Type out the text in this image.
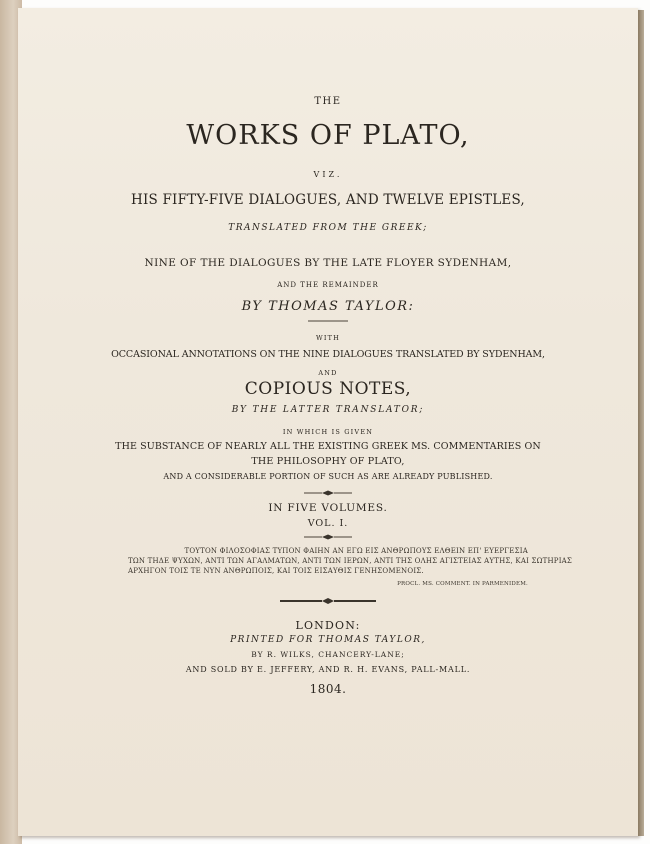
THE

WORKS OF PLATO,

VIZ.

HIS FIFTY-FIVE DIALOGUES, AND TWELVE EPISTLES,

TRANSLATED FROM THE GREEK;

NINE OF THE DIALOGUES BY THE LATE FLOYER SYDENHAM,

AND THE REMAINDER

BY THOMAS TAYLOR:

WITH

OCCASIONAL ANNOTATIONS ON THE NINE DIALOGUES TRANSLATED BY SYDENHAM,

AND

COPIOUS NOTES,

BY THE LATTER TRANSLATOR;

IN WHICH IS GIVEN

THE SUBSTANCE OF NEARLY ALL THE EXISTING GREEK MS. COMMENTARIES ON

THE PHILOSOPHY OF PLATO,

AND A CONSIDERABLE PORTION OF SUCH AS ARE ALREADY PUBLISHED.

IN FIVE VOLUMES.

VOL. I.

ΤΟΥΤΟΝ ΦΙΛΟΣΟΦΙΑΣ ΤΥΠΟΝ ΦΑΙΗΝ ΑΝ ΕΓΩ ΕΙΣ ΑΝΘΡΩΠΟΥΣ ΕΛΘΕΙΝ ΕΠ' ΕΥΕΡΓΕΣΙΑ
ΤΩΝ ΤΗΔΕ ΨΥΧΩΝ, ΑΝΤΙ ΤΩΝ ΑΓΑΛΜΑΤΩΝ, ΑΝΤΙ ΤΩΝ ΙΕΡΩΝ, ΑΝΤΙ ΤΗΣ ΟΛΗΣ ΑΓΙΣΤΕΙΑΣ ΑΥΤΗΣ, ΚΑΙ ΣΩΤΗΡΙΑΣ
ΑΡΧΗΓΟΝ ΤΟΙΣ ΤΕ ΝΥΝ ΑΝΘΡΩΠΟΙΣ, ΚΑΙ ΤΟΙΣ ΕΙΣΑΥΘΙΣ ΓΕΝΗΣΟΜΕΝΟΙΣ.
PROCL. MS. COMMENT. IN PARMENIDEM.

LONDON:

PRINTED FOR THOMAS TAYLOR,

BY R. WILKS, CHANCERY-LANE;

AND SOLD BY E. JEFFERY, AND R. H. EVANS, PALL-MALL.

1804.
